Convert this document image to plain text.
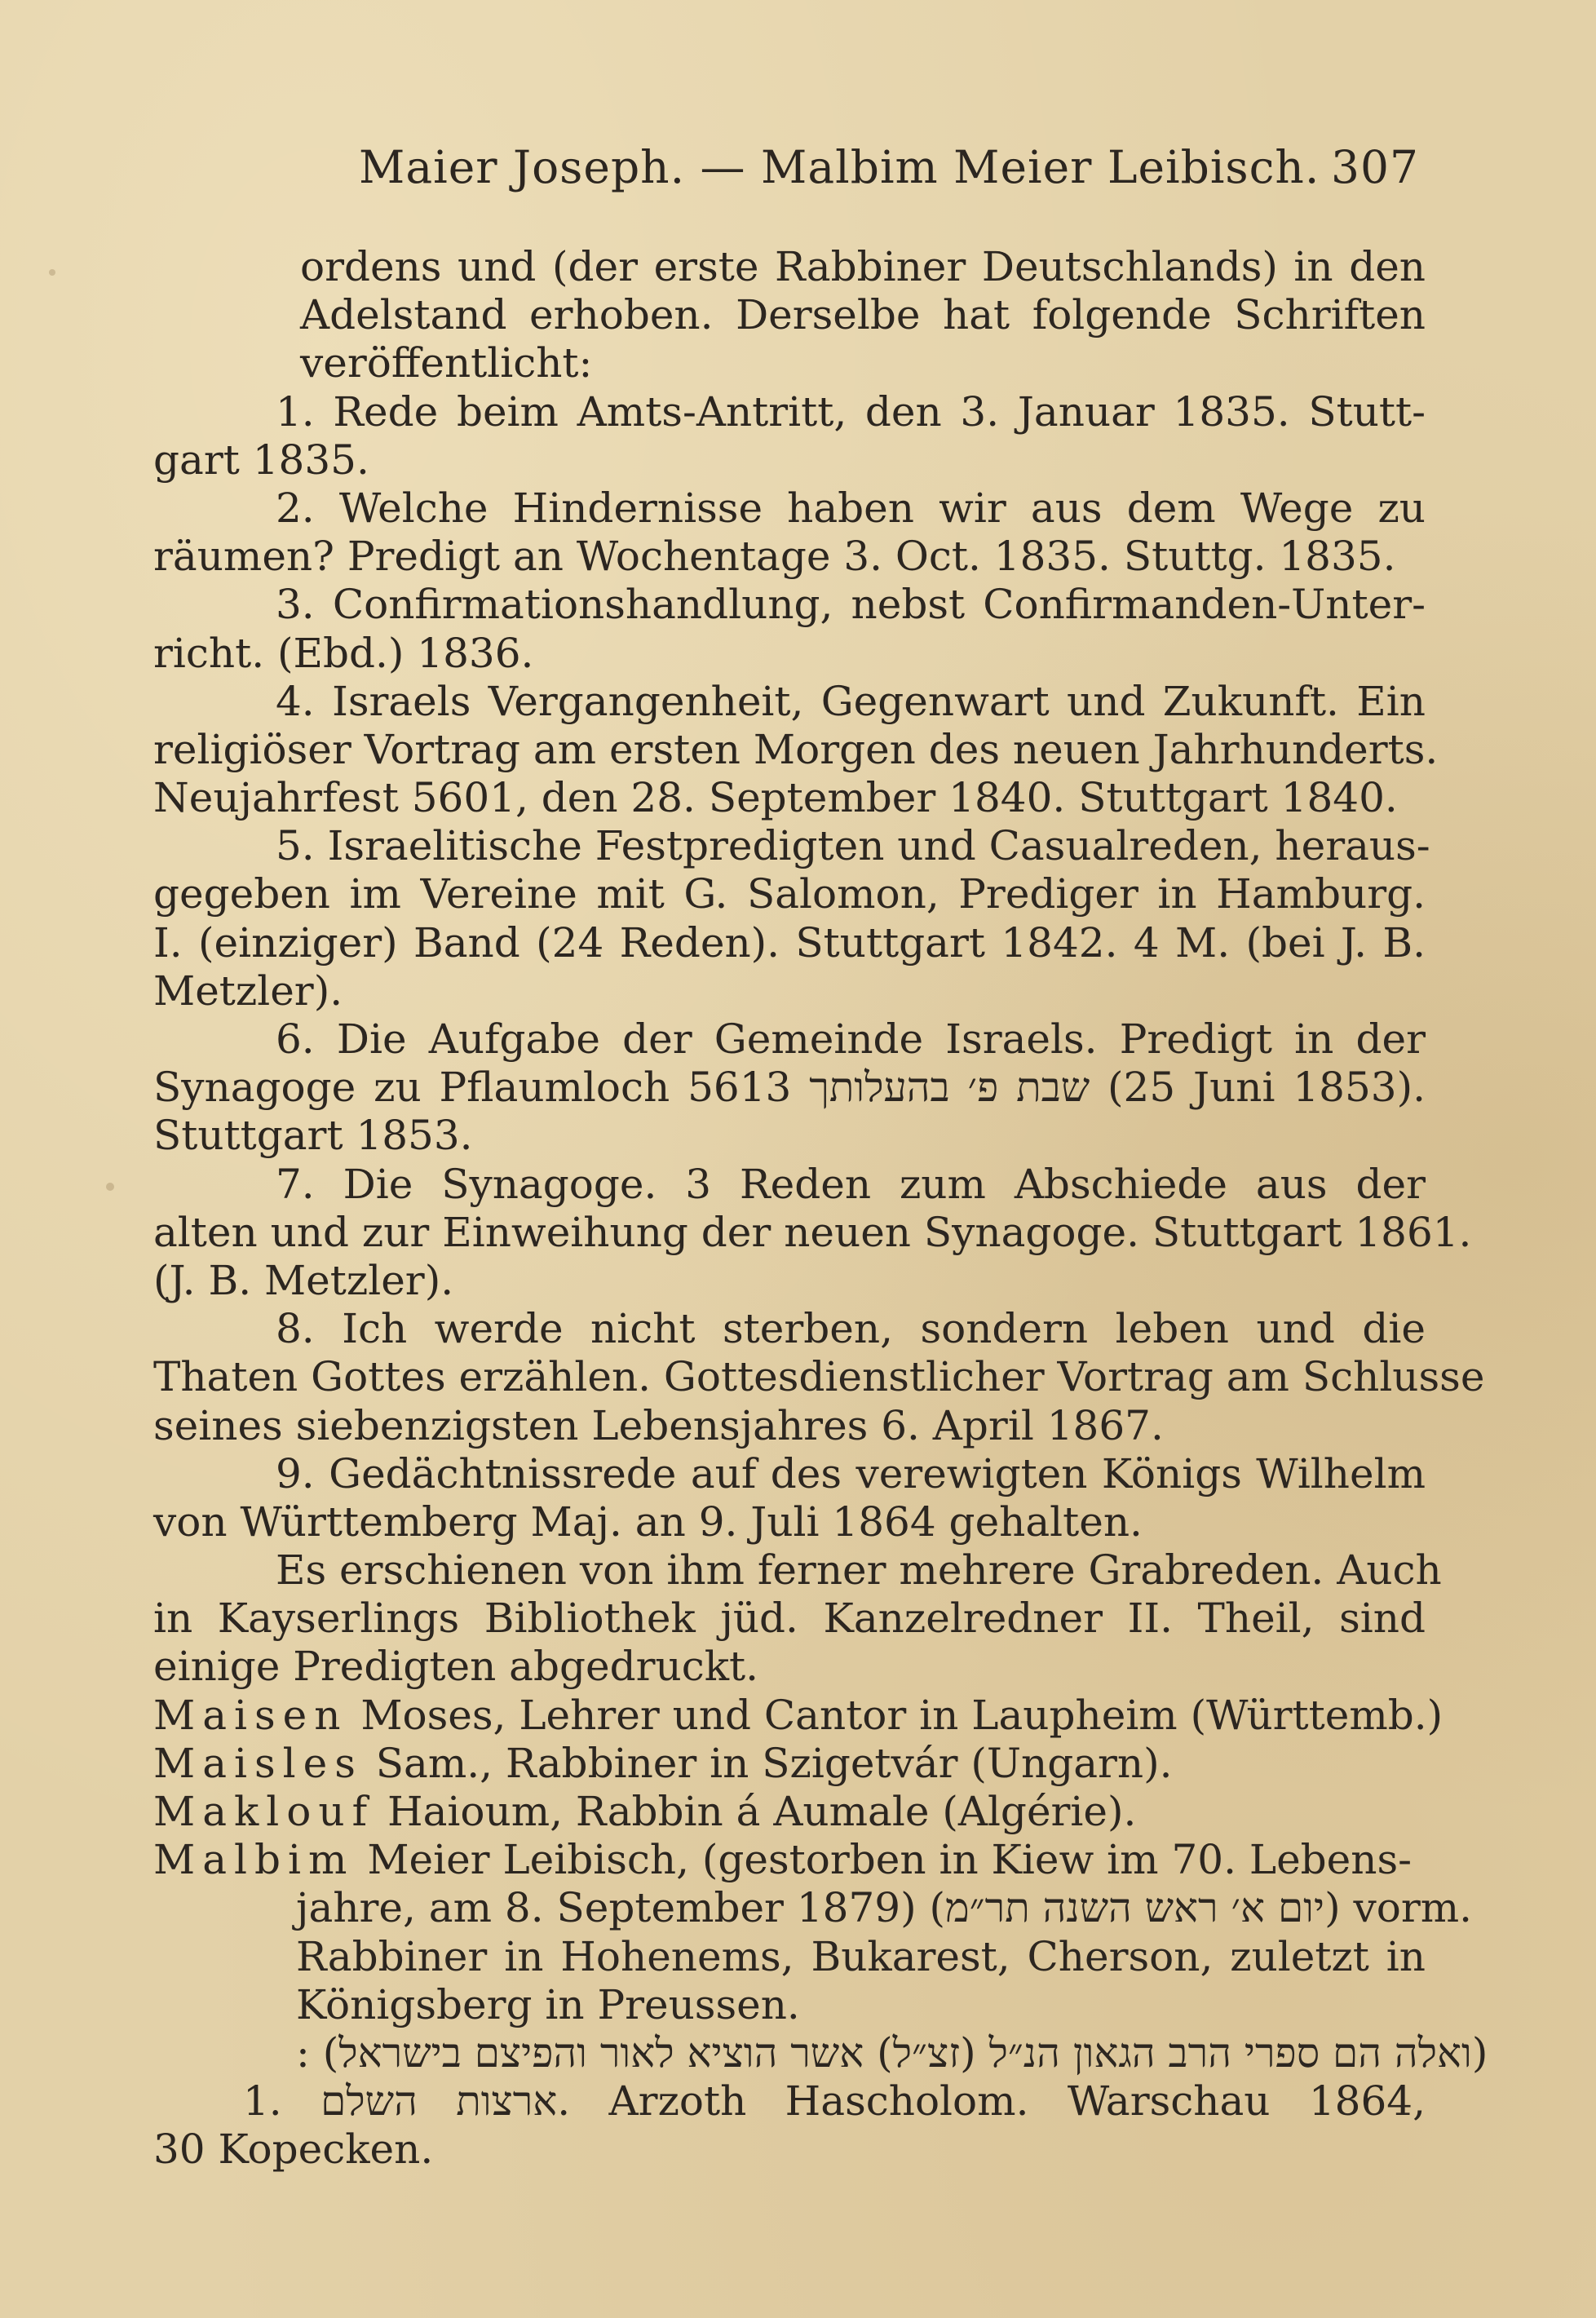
Maier Joseph. — Malbim Meier Leibisch. 307
ordens und (der erste Rabbiner Deutschlands) in den
Adelstand erhoben. Derselbe hat folgende Schriften
veröffentlicht:
1. Rede beim Amts-Antritt, den 3. Januar 1835. Stutt-
gart 1835.
2. Welche Hindernisse haben wir aus dem Wege zu
räumen? Predigt an Wochentage 3. Oct. 1835. Stuttg. 1835.
3. Confirmationshandlung, nebst Confirmanden-Unter-
richt. (Ebd.) 1836.
4. Israels Vergangenheit, Gegenwart und Zukunft. Ein
religiöser Vortrag am ersten Morgen des neuen Jahrhunderts.
Neujahrfest 5601, den 28. September 1840. Stuttgart 1840.
5. Israelitische Festpredigten und Casualreden, heraus-
gegeben im Vereine mit G. Salomon, Prediger in Hamburg.
I. (einziger) Band (24 Reden). Stuttgart 1842. 4 M. (bei J. B.
Metzler).
6. Die Aufgabe der Gemeinde Israels. Predigt in der
Synagoge zu Pflaumloch שבת פ׳ בהעלותך 5613 (25 Juni 1853).
Stuttgart 1853.
7. Die Synagoge. 3 Reden zum Abschiede aus der
alten und zur Einweihung der neuen Synagoge. Stuttgart 1861.
(J. B. Metzler).
8. Ich werde nicht sterben, sondern leben und die
Thaten Gottes erzählen. Gottesdienstlicher Vortrag am Schlusse
seines siebenzigsten Lebensjahres 6. April 1867.
9. Gedächtnissrede auf des verewigten Königs Wilhelm
von Württemberg Maj. an 9. Juli 1864 gehalten.
Es erschienen von ihm ferner mehrere Grabreden. Auch
in Kayserlings Bibliothek jüd. Kanzelredner II. Theil, sind
einige Predigten abgedruckt.
Maisen Moses, Lehrer und Cantor in Laupheim (Württemb.)
Maisles Sam., Rabbiner in Szigetvár (Ungarn).
Maklouf Haioum, Rabbin á Aumale (Algérie).
Malbim Meier Leibisch, (gestorben in Kiew im 70. Lebens-
jahre, am 8. September 1879) (יום א׳ ראש השנה תר״מ) vorm.
Rabbiner in Hohenems, Bukarest, Cherson, zuletzt in
Königsberg in Preussen.
(ואלה הם ספרי הרב הגאון הנ״ל (זצ״ל) אשר הוציא לאור והפיצם בישראל) :
1. ארצות השלם. Arzoth Hascholom. Warschau 1864,
30 Kopecken.
